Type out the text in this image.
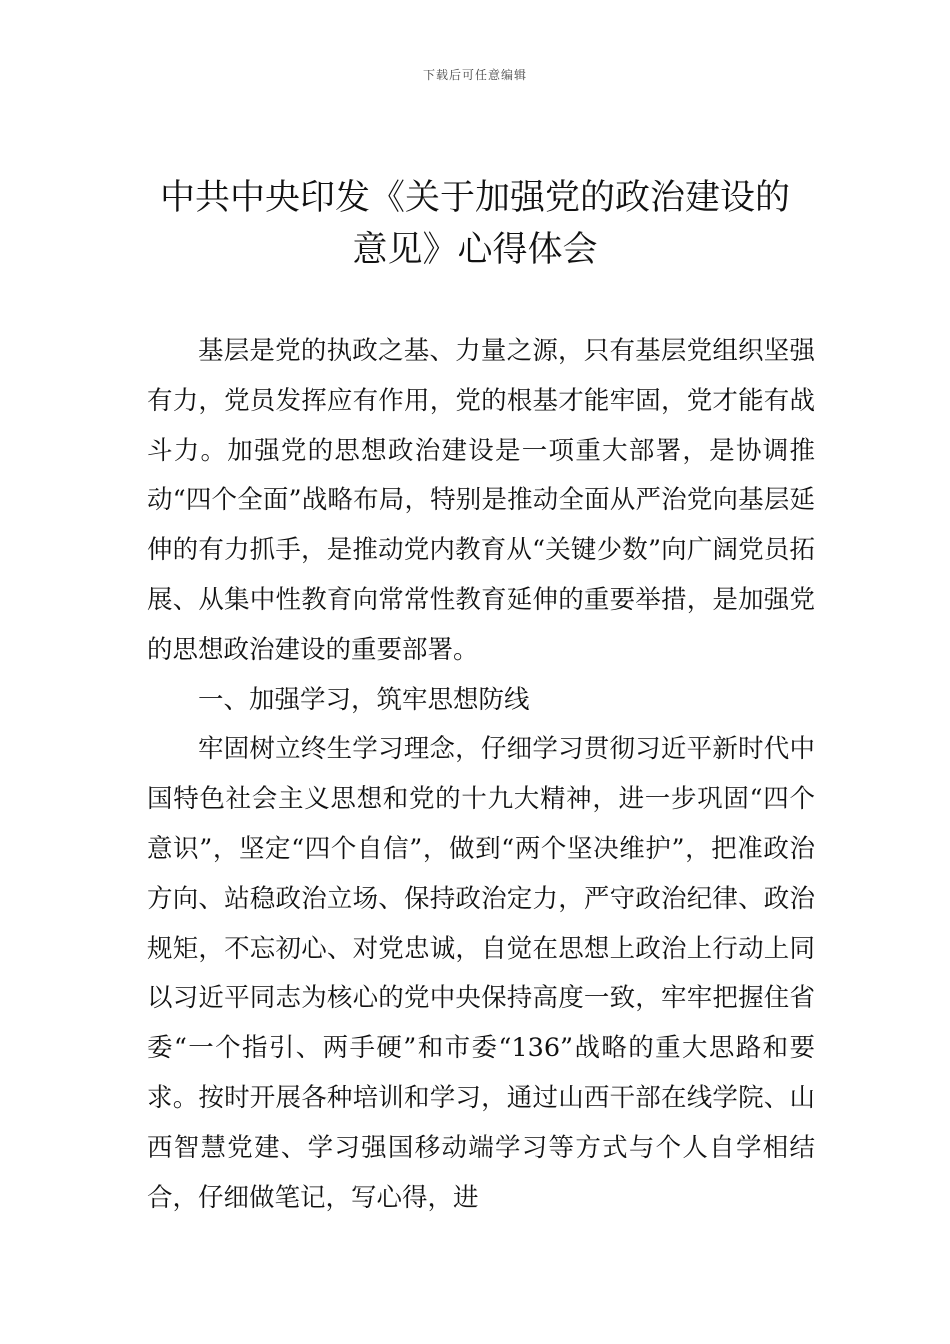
下载后可任意编辑
中共中央印发《关于加强党的政治建设的
意见》心得体会

基层是党的执政之基、力量之源，只有基层党组织坚强有力，党员发挥应有作用，党的根基才能牢固，党才能有战斗力。加强党的思想政治建设是一项重大部署，是协调推动“四个全面”战略布局，特别是推动全面从严治党向基层延伸的有力抓手，是推动党内教育从“关键少数”向广阔党员拓展、从集中性教育向常常性教育延伸的重要举措，是加强党的思想政治建设的重要部署。

一、加强学习，筑牢思想防线

牢固树立终生学习理念，仔细学习贯彻习近平新时代中国特色社会主义思想和党的十九大精神，进一步巩固“四个意识”，坚定“四个自信”，做到“两个坚决维护”，把准政治方向、站稳政治立场、保持政治定力，严守政治纪律、政治规矩，不忘初心、对党忠诚，自觉在思想上政治上行动上同以习近平同志为核心的党中央保持高度一致，牢牢把握住省委“一个指引、两手硬”和市委“136”战略的重大思路和要求。按时开展各种培训和学习，通过山西干部在线学院、山西智慧党建、学习强国移动端学习等方式与个人自学相结合，仔细做笔记，写心得，进
